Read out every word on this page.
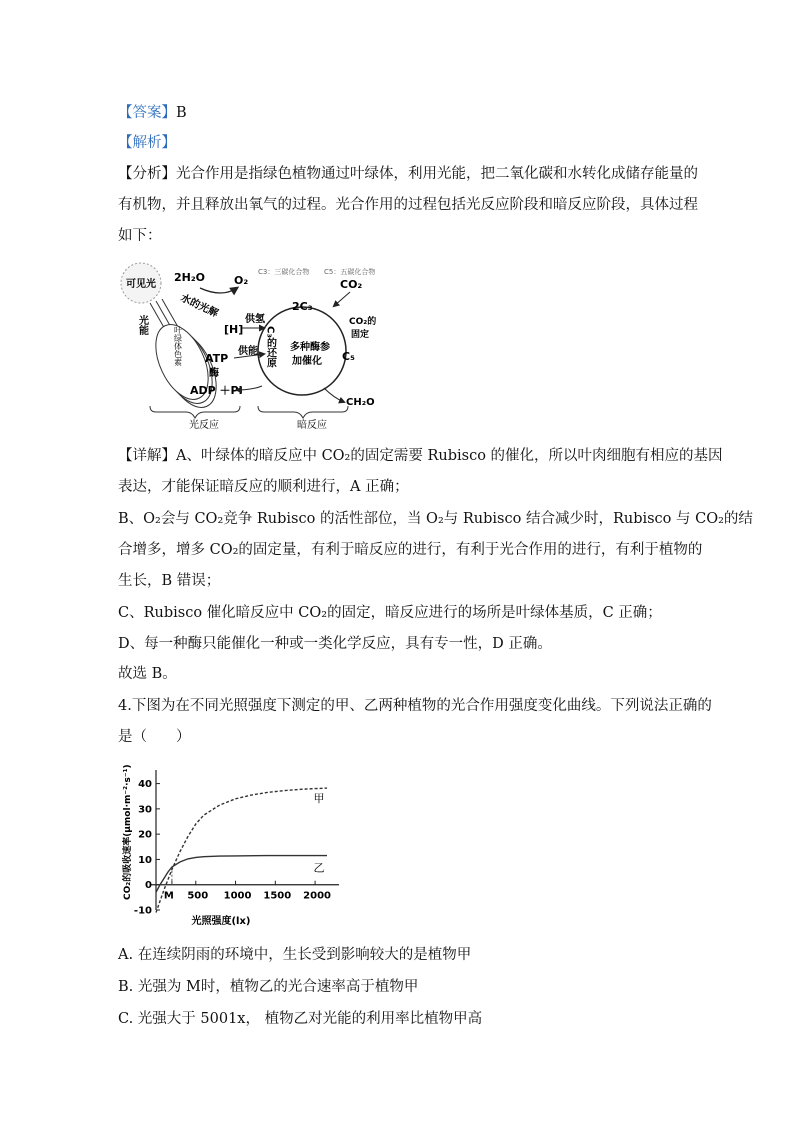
【答案】B
【解析】
【分析】光合作用是指绿色植物通过叶绿体，利用光能，把二氧化碳和水转化成储存能量的
有机物，并且释放出氧气的过程。光合作用的过程包括光反应阶段和暗反应阶段，具体过程
如下：
可见光
光能
叶绿体色素
2H₂O	O₂
水的光解
C3：三碳化合物 C5：五碳化合物
[H]
ATP
酶
ADP ＋Pi
供氢
供能
2C₃
C₃的还原 多种酶参
加催化
CO₂
CO₂的
固定
C₅
CH₂O
光反应	暗反应
【详解】A、叶绿体的暗反应中 CO₂的固定需要 Rubisco 的催化，所以叶肉细胞有相应的基因
表达，才能保证暗反应的顺利进行，A 正确；
B、O₂会与 CO₂竞争 Rubisco 的活性部位，当 O₂与 Rubisco 结合减少时，Rubisco 与 CO₂的结
合增多，增多 CO₂的固定量，有利于暗反应的进行，有利于光合作用的进行，有利于植物的
生长，B 错误；
C、Rubisco 催化暗反应中 CO₂的固定，暗反应进行的场所是叶绿体基质，C 正确；
D、每一种酶只能催化一种或一类化学反应，具有专一性，D 正确。
故选 B。
4.下图为在不同光照强度下测定的甲、乙两种植物的光合作用强度变化曲线。下列说法正确的
是（　　）
CO₂的吸收速率(μmol·m⁻²·s⁻¹)
光照强度(lx)
-10
0
10
20
30
40
M 500 1000 1500 2000
甲
乙
A. 在连续阴雨的环境中，生长受到影响较大的是植物甲
B. 光强为 M时，植物乙的光合速率高于植物甲
C. 光强大于 5001x， 植物乙对光能的利用率比植物甲高
